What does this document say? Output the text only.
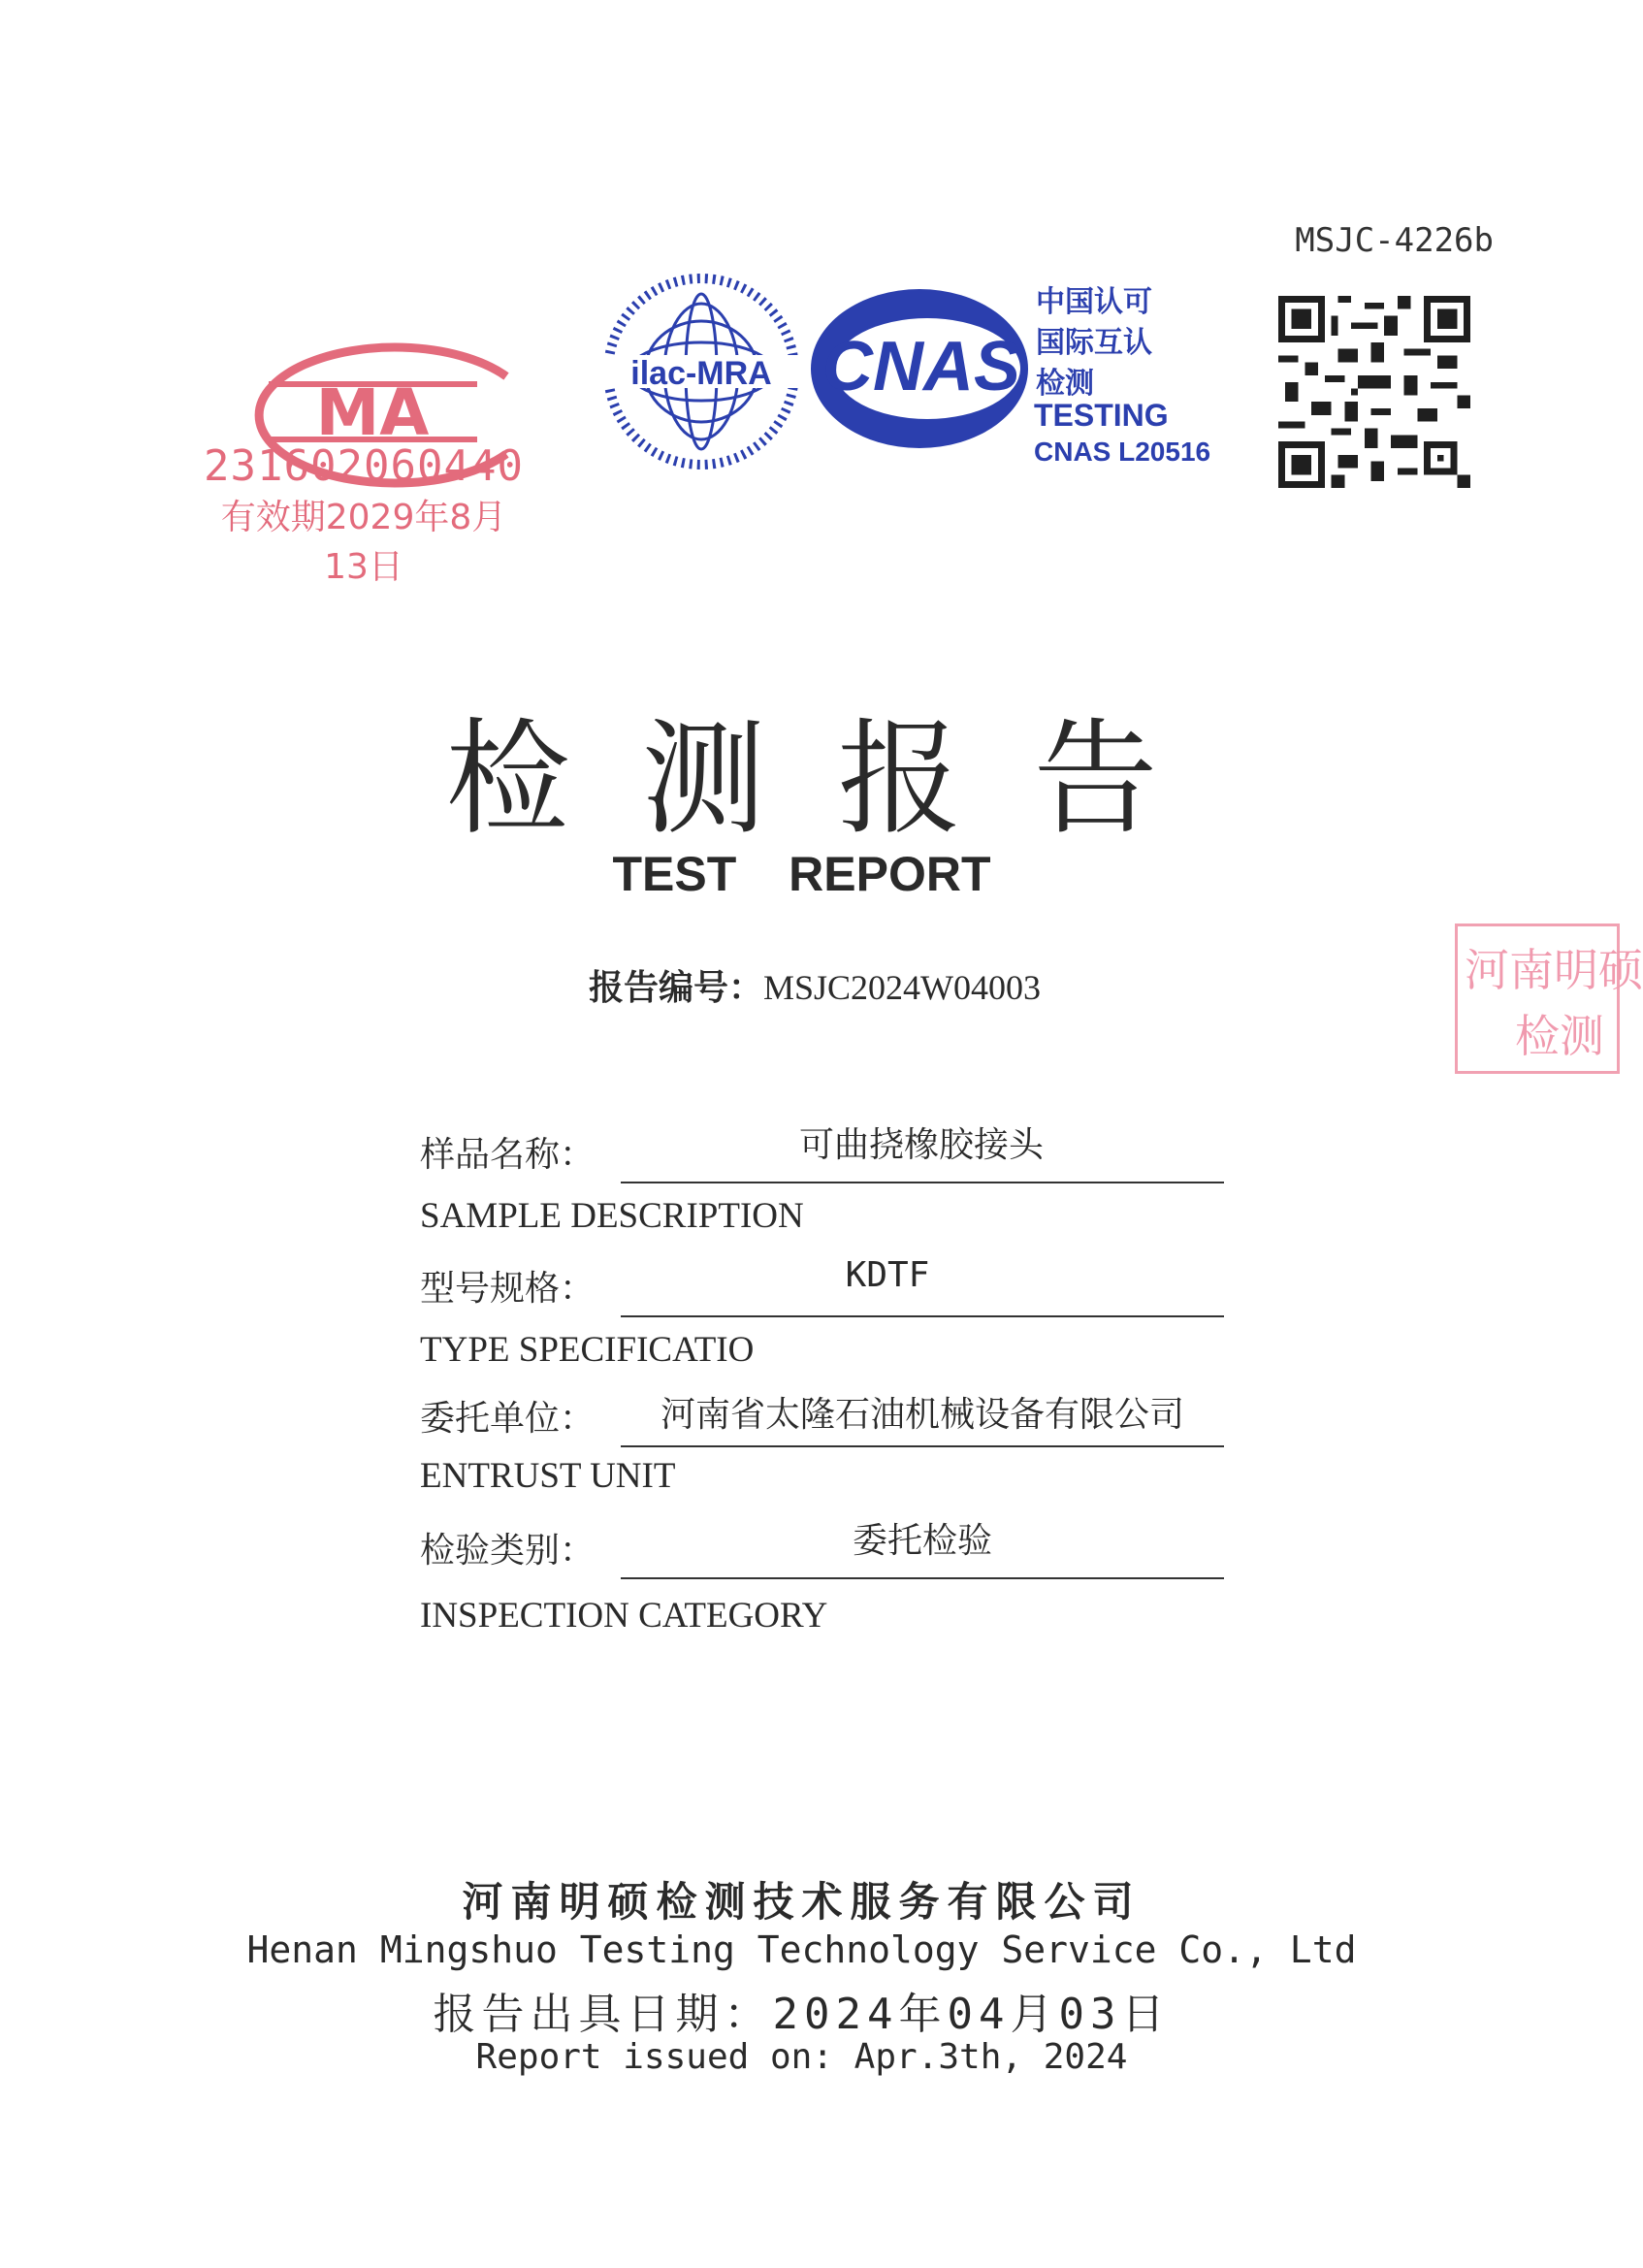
MSJC-4226b
MA
231602060440
有效期2029年8月13日
ilac-MRA CNAS
中国认可
国际互认
检测
TESTING
CNAS L20516
检测报告
TEST REPORT
报告编号：MSJC2024W04003	河南明硕
检测
样品名称：	可曲挠橡胶接头
SAMPLE DESCRIPTION
型号规格：	KDTF
TYPE SPECIFICATIO
委托单位：	河南省太隆石油机械设备有限公司
ENTRUST UNIT
检验类别：	委托检验
INSPECTION CATEGORY
河南明硕检测技术服务有限公司
Henan Mingshuo Testing Technology Service Co., Ltd
报告出具日期：2024年04月03日
Report issued on: Apr.3th, 2024
